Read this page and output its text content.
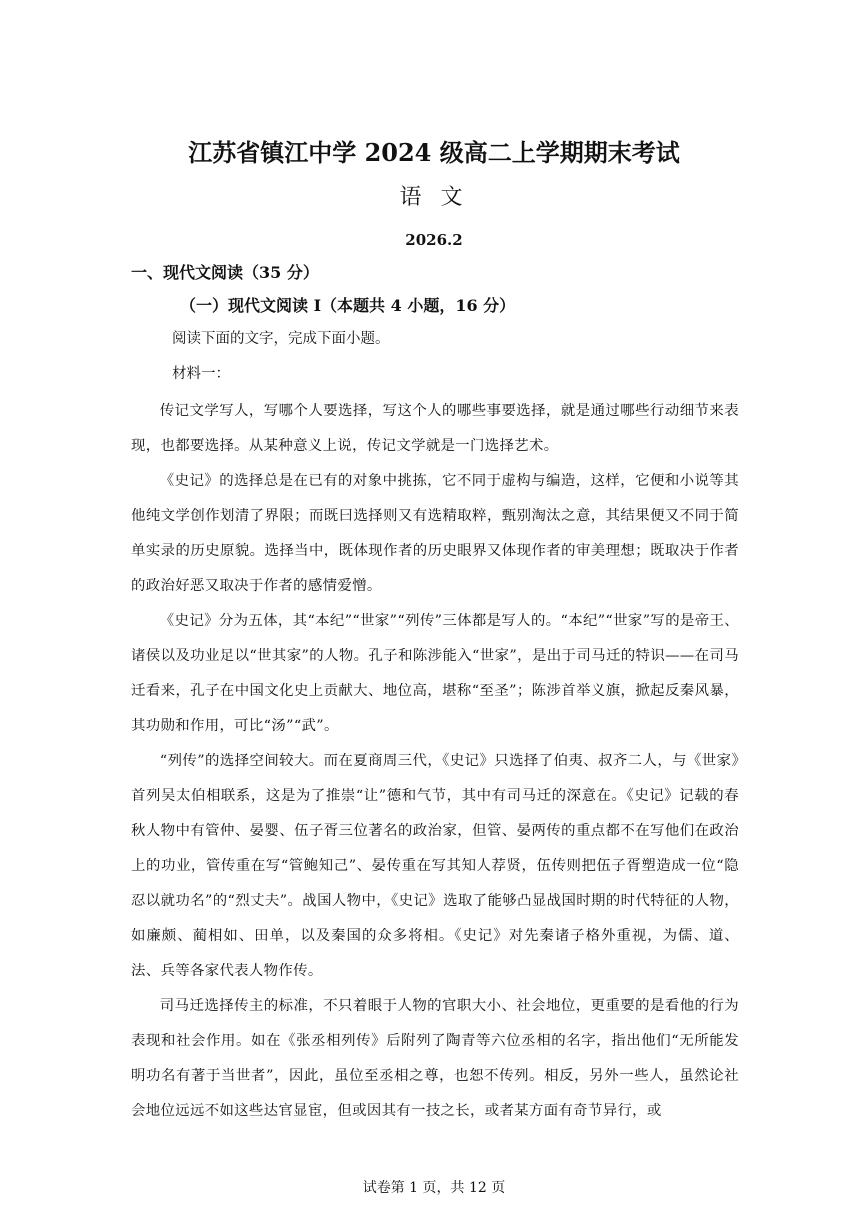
江苏省镇江中学 2024 级高二上学期期末考试
语 文
2026.2
一、现代文阅读（35 分）
（一）现代文阅读 I（本题共 4 小题，16 分）
阅读下面的文字，完成下面小题。
材料一：

传记文学写人，写哪个人要选择，写这个人的哪些事要选择，就是通过哪些行动细节来表现，也都要选择。从某种意义上说，传记文学就是一门选择艺术。

《史记》的选择总是在已有的对象中挑拣，它不同于虚构与编造，这样，它便和小说等其他纯文学创作划清了界限；而既曰选择则又有选精取粹，甄别淘汰之意，其结果便又不同于简单实录的历史原貌。选择当中，既体现作者的历史眼界又体现作者的审美理想；既取决于作者的政治好恶又取决于作者的感情爱憎。

《史记》分为五体，其“本纪”“世家”“列传”三体都是写人的。“本纪”“世家”写的是帝王、诸侯以及功业足以“世其家”的人物。孔子和陈涉能入“世家”，是出于司马迁的特识——在司马迁看来，孔子在中国文化史上贡献大、地位高，堪称“至圣”；陈涉首举义旗，掀起反秦风暴，其功勋和作用，可比“汤”“武”。

“列传”的选择空间较大。而在夏商周三代，《史记》只选择了伯夷、叔齐二人，与《世家》首列吴太伯相联系，这是为了推崇“让”德和气节，其中有司马迁的深意在。《史记》记载的春秋人物中有管仲、晏婴、伍子胥三位著名的政治家，但管、晏两传的重点都不在写他们在政治上的功业，管传重在写“管鲍知己”、晏传重在写其知人荐贤，伍传则把伍子胥塑造成一位“隐忍以就功名”的“烈丈夫”。战国人物中，《史记》选取了能够凸显战国时期的时代特征的人物，如廉颇、蔺相如、田单，以及秦国的众多将相。《史记》对先秦诸子格外重视，为儒、道、法、兵等各家代表人物作传。

司马迁选择传主的标准，不只着眼于人物的官职大小、社会地位，更重要的是看他的行为表现和社会作用。如在《张丞相列传》后附列了陶青等六位丞相的名字，指出他们“无所能发明功名有著于当世者”，因此，虽位至丞相之尊，也恕不传列。相反，另外一些人，虽然论社会地位远远不如这些达官显宦，但或因其有一技之长，或者某方面有奇节异行，或

试卷第 1 页，共 12 页
